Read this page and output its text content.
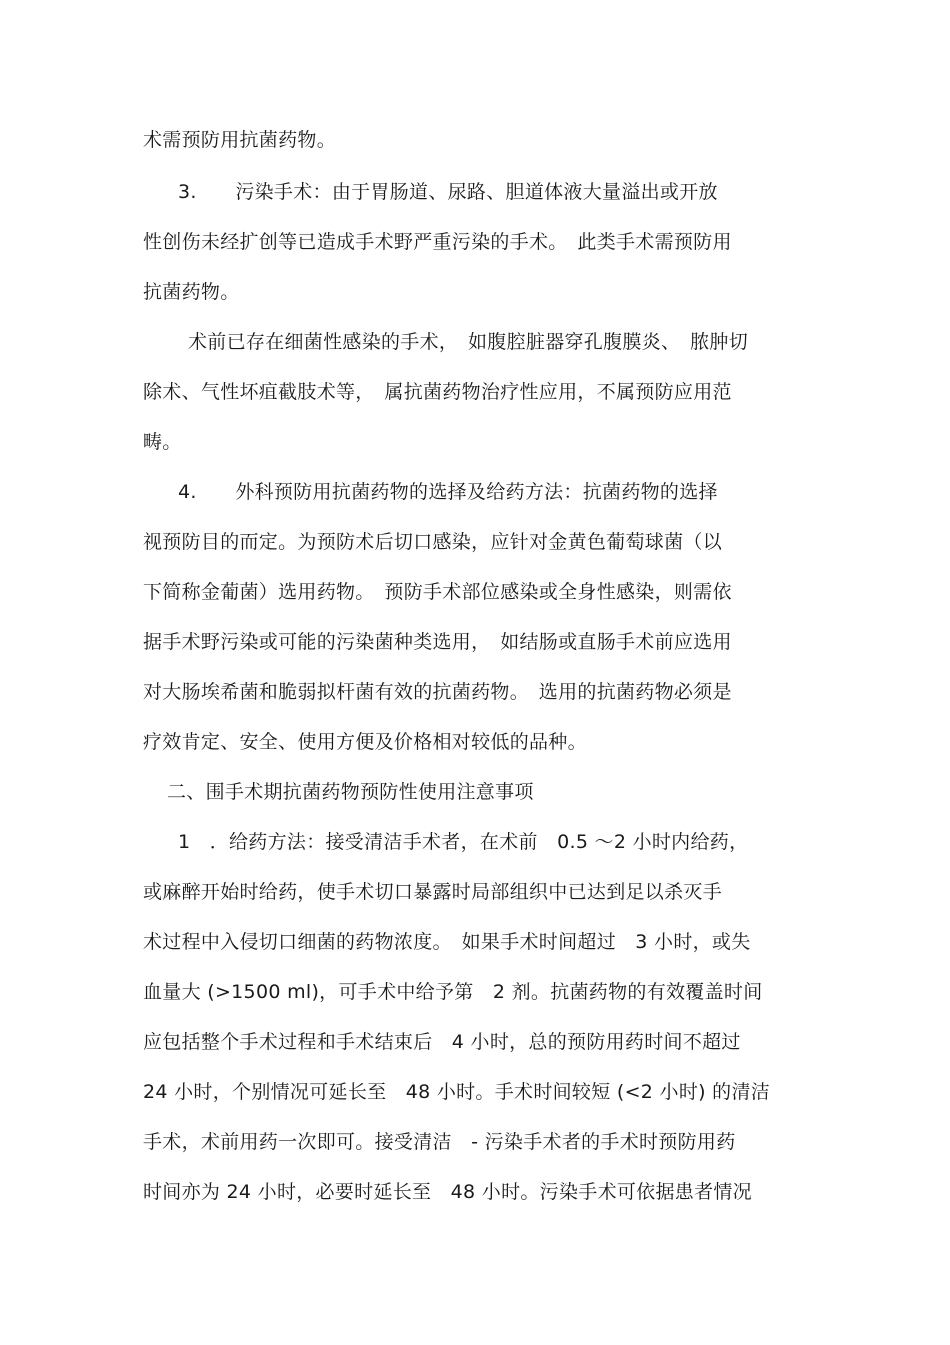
术需预防用抗菌药物。
3.　　污染手术：由于胃肠道、尿路、胆道体液大量溢出或开放
性创伤未经扩创等已造成手术野严重污染的手术。　此类手术需预防用
抗菌药物。
术前已存在细菌性感染的手术，　如腹腔脏器穿孔腹膜炎、　脓肿切
除术、气性坏疽截肢术等，　属抗菌药物治疗性应用，不属预防应用范
畴。
4.　　外科预防用抗菌药物的选择及给药方法：抗菌药物的选择
视预防目的而定。为预防术后切口感染，应针对金黄色葡萄球菌（以
下简称金葡菌）选用药物。　预防手术部位感染或全身性感染，则需依
据手术野污染或可能的污染菌种类选用，　如结肠或直肠手术前应选用
对大肠埃希菌和脆弱拟杆菌有效的抗菌药物。　选用的抗菌药物必须是
疗效肯定、安全、使用方便及价格相对较低的品种。
二、围手术期抗菌药物预防性使用注意事项
1　．给药方法：接受清洁手术者，在术前　0.5 ～2 小时内给药，
或麻醉开始时给药，使手术切口暴露时局部组织中已达到足以杀灭手
术过程中入侵切口细菌的药物浓度。　如果手术时间超过　3 小时，或失
血量大 (>1500 ml)，可手术中给予第　2 剂。抗菌药物的有效覆盖时间
应包括整个手术过程和手术结束后　4 小时，总的预防用药时间不超过
24 小时，个别情况可延长至　48 小时。手术时间较短 (<2 小时) 的清洁
手术，术前用药一次即可。接受清洁　- 污染手术者的手术时预防用药
时间亦为 24 小时，必要时延长至　48 小时。污染手术可依据患者情况
